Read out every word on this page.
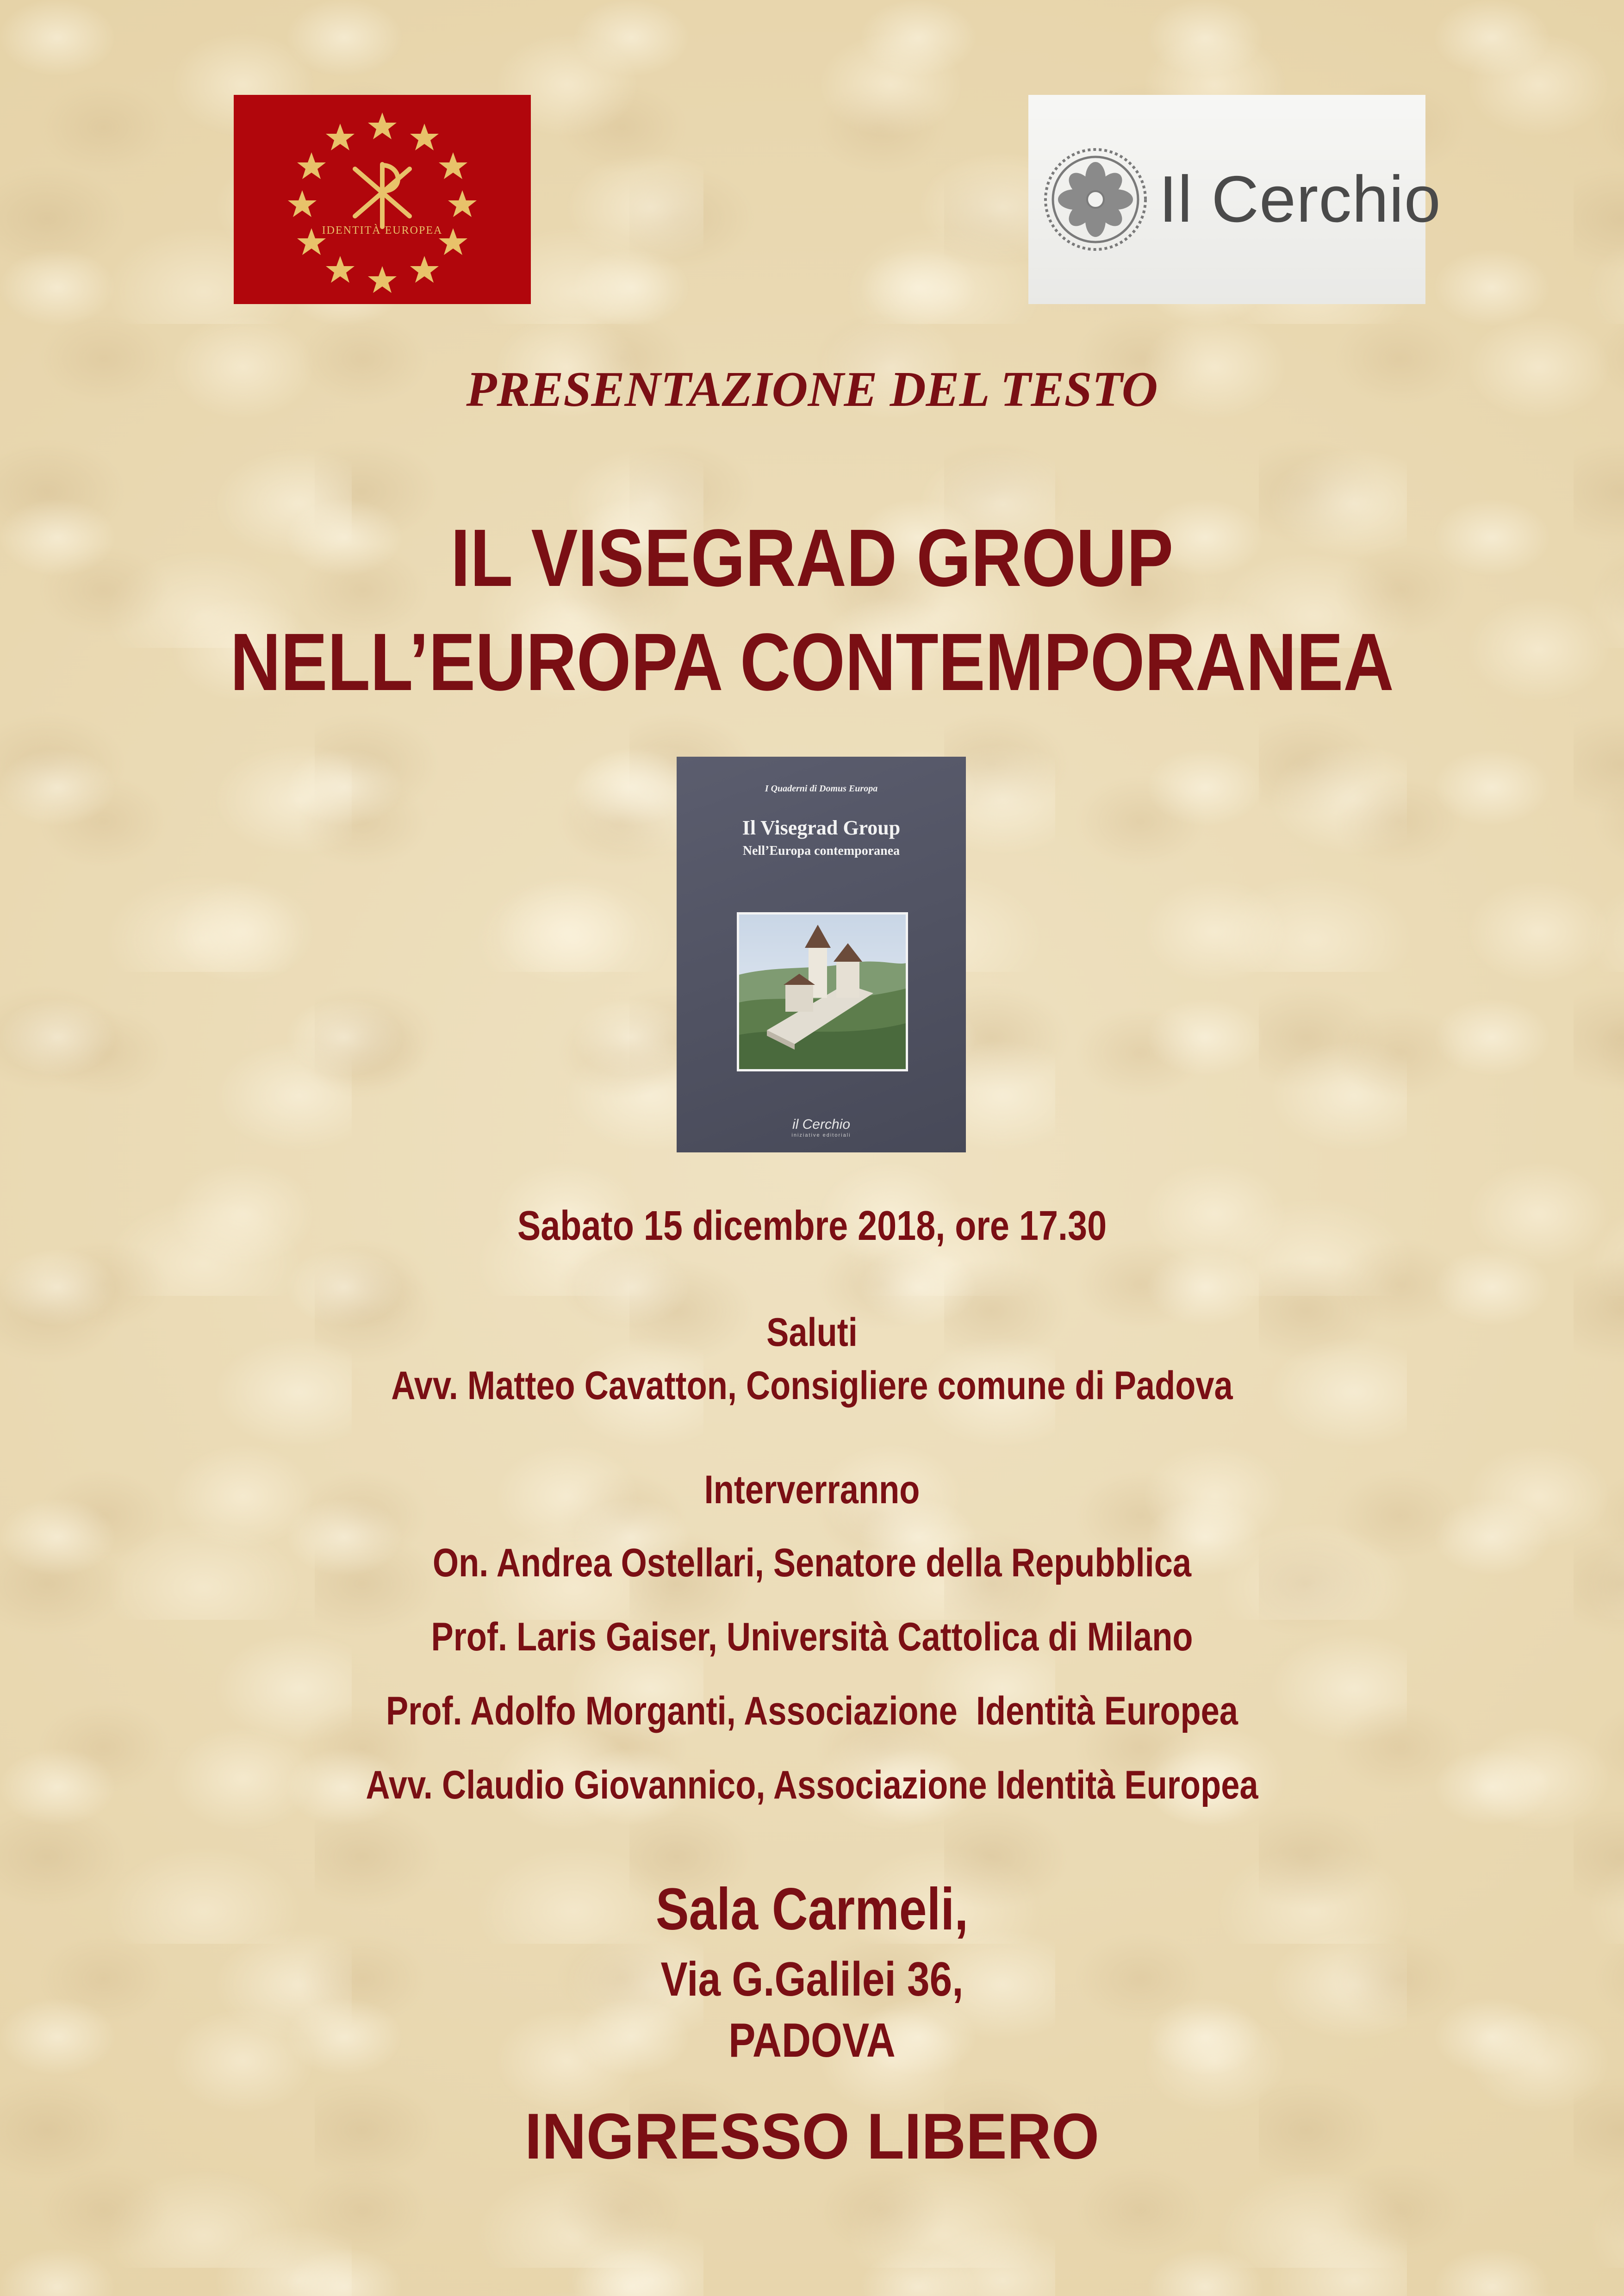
IDENTITÀ EUROPEA	Il Cerchio
PRESENTAZIONE DEL TESTO
IL VISEGRAD GROUP
NELL’EUROPA CONTEMPORANEA
I Quaderni di Domus Europa
Il Visegrad Group
Nell’Europa contemporanea
il Cerchio
iniziative editoriali
Sabato 15 dicembre 2018, ore 17.30
Saluti
Avv. Matteo Cavatton, Consigliere comune di Padova
Interverranno
On. Andrea Ostellari, Senatore della Repubblica
Prof. Laris Gaiser, Università Cattolica di Milano
Prof. Adolfo Morganti, Associazione  Identità Europea
Avv. Claudio Giovannico, Associazione Identità Europea
Sala Carmeli,
Via G.Galilei 36,
PADOVA
INGRESSO LIBERO
